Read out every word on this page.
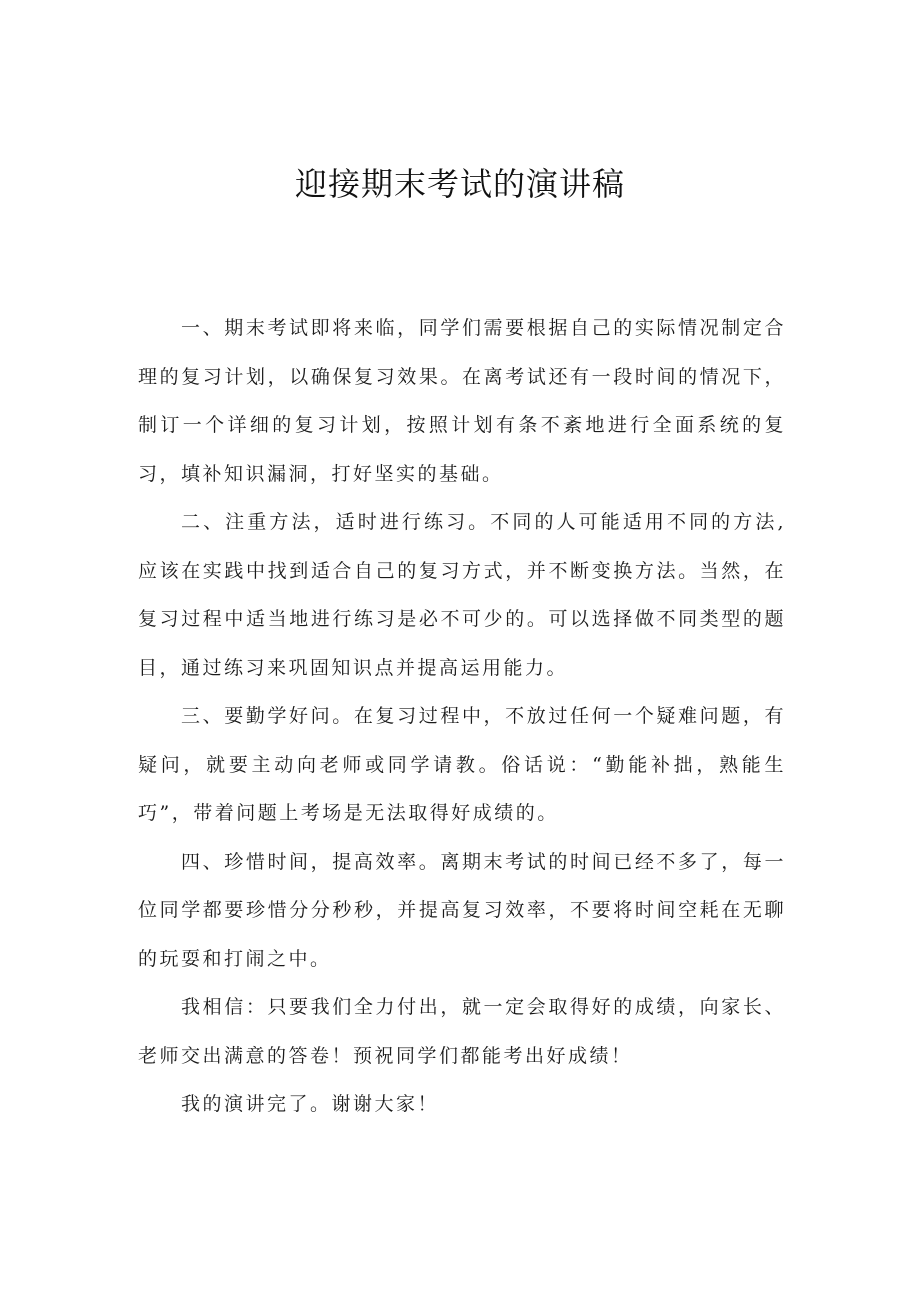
迎接期末考试的演讲稿

一、期末考试即将来临，同学们需要根据自己的实际情况制定合理的复习计划，以确保复习效果。在离考试还有一段时间的情况下，制订一个详细的复习计划，按照计划有条不紊地进行全面系统的复习，填补知识漏洞，打好坚实的基础。

二、注重方法，适时进行练习。不同的人可能适用不同的方法,应该在实践中找到适合自己的复习方式，并不断变换方法。当然，在复习过程中适当地进行练习是必不可少的。可以选择做不同类型的题目，通过练习来巩固知识点并提高运用能力。

三、要勤学好问。在复习过程中，不放过任何一个疑难问题，有疑问，就要主动向老师或同学请教。俗话说：“勤能补拙，熟能生巧”，带着问题上考场是无法取得好成绩的。

四、珍惜时间，提高效率。离期末考试的时间已经不多了，每一位同学都要珍惜分分秒秒，并提高复习效率，不要将时间空耗在无聊的玩耍和打闹之中。

我相信：只要我们全力付出，就一定会取得好的成绩，向家长、老师交出满意的答卷！预祝同学们都能考出好成绩！

我的演讲完了。谢谢大家！
